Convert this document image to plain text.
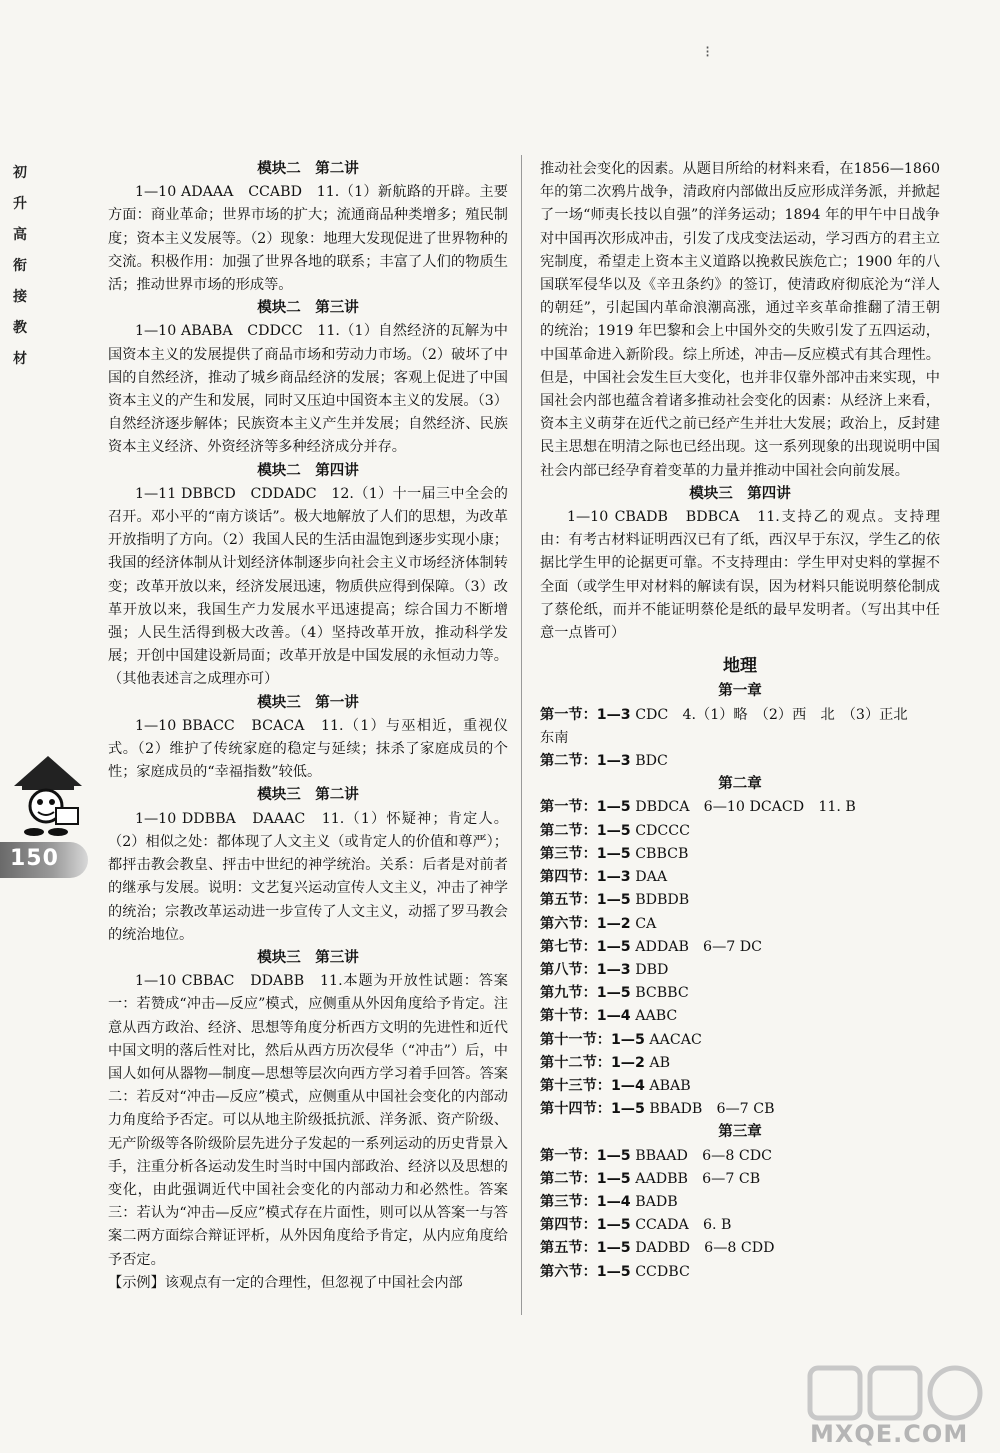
⁝
初
升
高
衔
接
教
材
150
模块二　第二讲
1—10 ADAAA　CCABD　11.（1）新航路的开辟。主要方面：商业革命；世界市场的扩大；流通商品种类增多；殖民制度；资本主义发展等。（2）现象：地理大发现促进了世界物种的交流。积极作用：加强了世界各地的联系；丰富了人们的物质生活；推动世界市场的形成等。
模块二　第三讲
1—10 ABABA　CDDCC　11.（1）自然经济的瓦解为中国资本主义的发展提供了商品市场和劳动力市场。（2）破坏了中国的自然经济，推动了城乡商品经济的发展；客观上促进了中国资本主义的产生和发展，同时又压迫中国资本主义的发展。（3）自然经济逐步解体；民族资本主义产生并发展；自然经济、民族资本主义经济、外资经济等多种经济成分并存。
模块二　第四讲
1—11 DBBCD　CDDADC　12.（1）十一届三中全会的召开。邓小平的“南方谈话”。极大地解放了人们的思想，为改革开放指明了方向。（2）我国人民的生活由温饱到逐步实现小康；我国的经济体制从计划经济体制逐步向社会主义市场经济体制转变；改革开放以来，经济发展迅速，物质供应得到保障。（3）改革开放以来，我国生产力发展水平迅速提高；综合国力不断增强；人民生活得到极大改善。（4）坚持改革开放，推动科学发展；开创中国建设新局面；改革开放是中国发展的永恒动力等。（其他表述言之成理亦可）
模块三　第一讲
1—10 BBACC　BCACA　11.（1）与巫相近，重视仪式。（2）维护了传统家庭的稳定与延续；抹杀了家庭成员的个性；家庭成员的“幸福指数”较低。
模块三　第二讲
1—10 DDBBA　DAAAC　11.（1）怀疑神；肯定人。（2）相似之处：都体现了人文主义（或肯定人的价值和尊严）；都抨击教会教皇、抨击中世纪的神学统治。关系：后者是对前者的继承与发展。说明：文艺复兴运动宣传人文主义，冲击了神学的统治；宗教改革运动进一步宣传了人文主义，动摇了罗马教会的统治地位。
模块三　第三讲
1—10 CBBAC　DDABB　11.本题为开放性试题：答案一：若赞成“冲击—反应”模式，应侧重从外因角度给予肯定。注意从西方政治、经济、思想等角度分析西方文明的先进性和近代中国文明的落后性对比，然后从西方历次侵华（“冲击”）后，中国人如何从器物—制度—思想等层次向西方学习着手回答。答案二：若反对“冲击—反应”模式，应侧重从中国社会变化的内部动力角度给予否定。可以从地主阶级抵抗派、洋务派、资产阶级、无产阶级等各阶级阶层先进分子发起的一系列运动的历史背景入手，注重分析各运动发生时当时中国内部政治、经济以及思想的变化，由此强调近代中国社会变化的内部动力和必然性。答案三：若认为“冲击—反应”模式存在片面性，则可以从答案一与答案二两方面综合辩证评析，从外因角度给予肯定，从内应角度给予否定。
【示例】该观点有一定的合理性，但忽视了中国社会内部
推动社会变化的因素。从题目所给的材料来看，在1856—1860 年的第二次鸦片战争，清政府内部做出反应形成洋务派，并掀起了一场“师夷长技以自强”的洋务运动；1894 年的甲午中日战争对中国再次形成冲击，引发了戊戌变法运动，学习西方的君主立宪制度，希望走上资本主义道路以挽救民族危亡；1900 年的八国联军侵华以及《辛丑条约》的签订，使清政府彻底沦为“洋人的朝廷”，引起国内革命浪潮高涨，通过辛亥革命推翻了清王朝的统治；1919 年巴黎和会上中国外交的失败引发了五四运动，中国革命进入新阶段。综上所述，冲击—反应模式有其合理性。但是，中国社会发生巨大变化，也并非仅靠外部冲击来实现，中国社会内部也蕴含着诸多推动社会变化的因素：从经济上来看，资本主义萌芽在近代之前已经产生并壮大发展；政治上，反封建民主思想在明清之际也已经出现。这一系列现象的出现说明中国社会内部已经孕育着变革的力量并推动中国社会向前发展。
模块三　第四讲
1—10 CBADB　BDBCA　11.支持乙的观点。支持理由：有考古材料证明西汉已有了纸，西汉早于东汉，学生乙的依据比学生甲的论据更可靠。不支持理由：学生甲对史料的掌握不全面（或学生甲对材料的解读有误，因为材料只能说明蔡伦制成了蔡伦纸，而并不能证明蔡伦是纸的最早发明者。（写出其中任意一点皆可）
地理
第一章
第一节：1—3 CDC　4.（1）略　（2）西　北　（3）正北
东南
第二节：1—3 BDC
第二章
第一节：1—5 DBDCA　6—10 DCACD　11. B
第二节：1—5 CDCCC
第三节：1—5 CBBCB
第四节：1—3 DAA
第五节：1—5 BDBDB
第六节：1—2 CA
第七节：1—5 ADDAB　6—7 DC
第八节：1—3 DBD
第九节：1—5 BCBBC
第十节：1—4 AABC
第十一节：1—5 AACAC
第十二节：1—2 AB
第十三节：1—4 ABAB
第十四节：1—5 BBADB　6—7 CB
第三章
第一节：1—5 BBAAD　6—8 CDC
第二节：1—5 AADBB　6—7 CB
第三节：1—4 BADB
第四节：1—5 CCADA　6. B
第五节：1—5 DADBD　6—8 CDD
第六节：1—5 CCDBC
MXQE.COM
